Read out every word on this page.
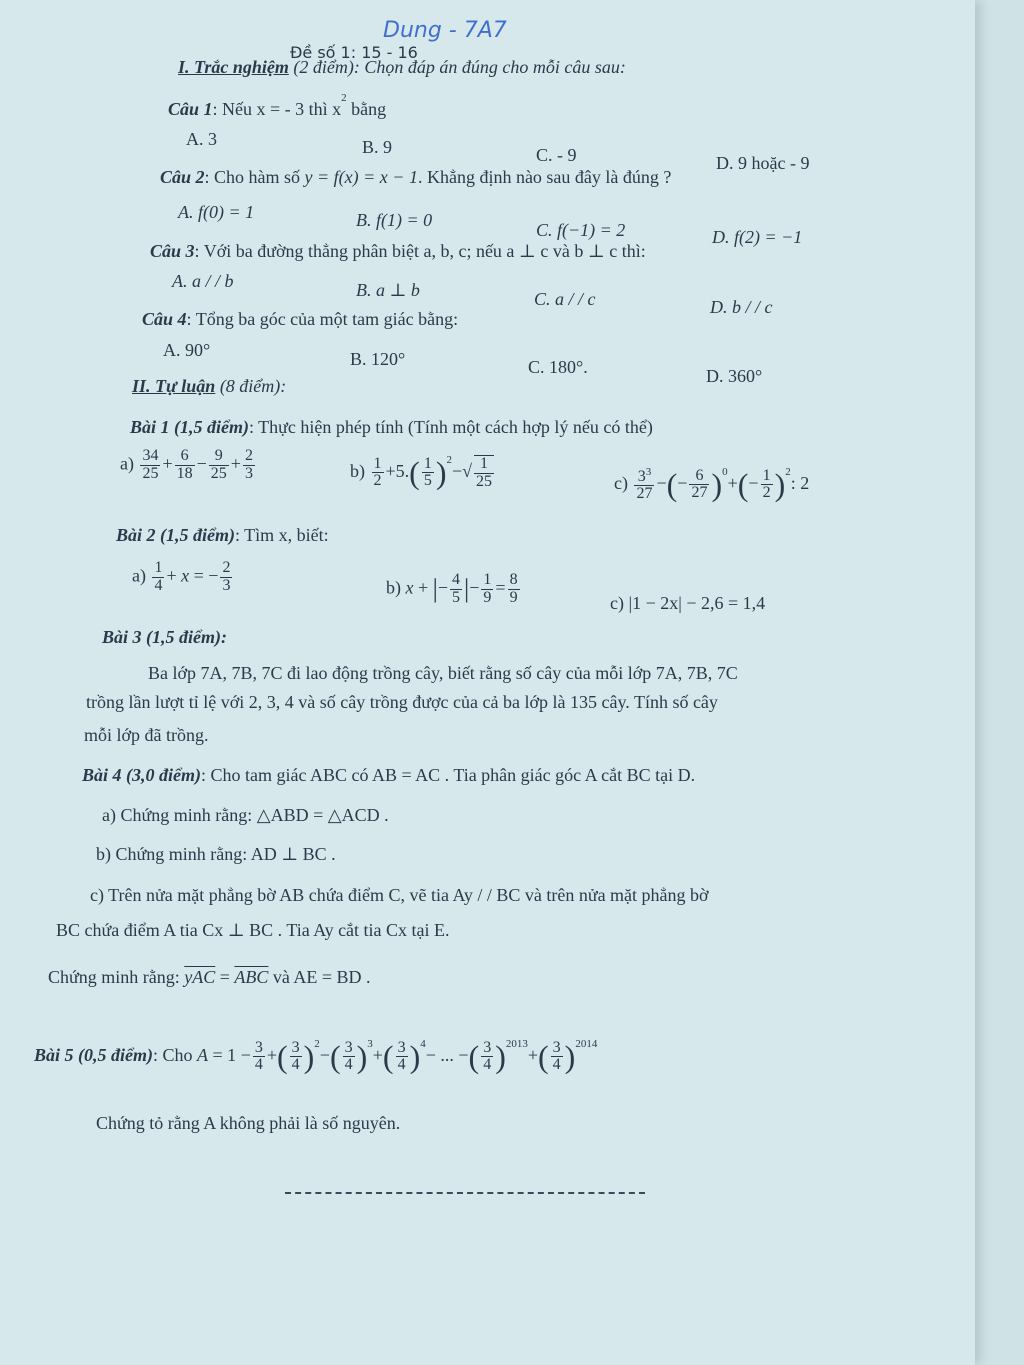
Dung - 7A7
Đề số 1: 15 - 16
I. Trắc nghiệm (2 điểm): Chọn đáp án đúng cho mỗi câu sau:
Câu 1: Nếu x = - 3 thì $x^2$ bằng
A. 3	B. 9	C. - 9	D. 9 hoặc - 9
Câu 2: Cho hàm số y = f(x) = x − 1. Khẳng định nào sau đây là đúng ?
A. f(0) = 1	B. f(1) = 0	C. f(−1) = 2	D. f(2) = −1
Câu 3: Với ba đường thẳng phân biệt a, b, c; nếu a ⊥ c và b ⊥ c thì:
A. a / / b	B. a ⊥ b	C. a / / c	D. b / / c
Câu 4: Tổng ba góc của một tam giác bằng:
A. 90°	B. 120°	C. 180°.	D. 360°
II. Tự luận (8 điểm):
Bài 1 (1,5 điểm): Thực hiện phép tính (Tính một cách hợp lý nếu có thể)
$a) \frac{34}{25} + \frac{6}{18} - \frac{9}{25} + \frac{2}{3}$	$b) \frac{1}{2} +5.( \frac{1}{5} )^2-√ \frac{1}{25}$	$c) \frac{3^3}{27}$ −(− $\frac{6}{27} )^0+(- \frac{1}{2} )^2$: 2
Bài 2 (1,5 điểm): Tìm x, biết:
$a) \frac{1}{4} + x$ = − $\frac{2}{3}$	b) x + |− $\frac{4}{5}$ |− $\frac{1}{9} = \frac{8}{9}$	c) |1 − 2x| − 2,6 = 1,4
Bài 3 (1,5 điểm):
Ba lớp 7A, 7B, 7C đi lao động trồng cây, biết rằng số cây của mỗi lớp 7A, 7B, 7C
trồng lần lượt tỉ lệ với 2, 3, 4 và số cây trồng được của cả ba lớp là 135 cây. Tính số cây
mỗi lớp đã trồng.
Bài 4 (3,0 điểm): Cho tam giác ABC có AB = AC . Tia phân giác góc A cắt BC tại D.
a) Chứng minh rằng: △ABD = △ACD .
b) Chứng minh rằng: AD ⊥ BC .
c) Trên nửa mặt phẳng bờ AB chứa điểm C, vẽ tia Ay / / BC và trên nửa mặt phẳng bờ
BC chứa điểm A tia Cx ⊥ BC . Tia Ay cắt tia Cx tại E.
Chứng minh rằng: $\overline{yAC} = \overline{ABC}$ và AE = BD .
Bài 5 (0,5 điểm): Cho $A = 1 - \frac{3}{4}$ +( $\frac{3}{4} )^2-( \frac{3}{4} )^3+( \frac{3}{4} )^4-$ ... −( $\frac{3}{4} )^{2013}+( \frac{3}{4} )^{2014}$
Chứng tỏ rằng A không phải là số nguyên.
